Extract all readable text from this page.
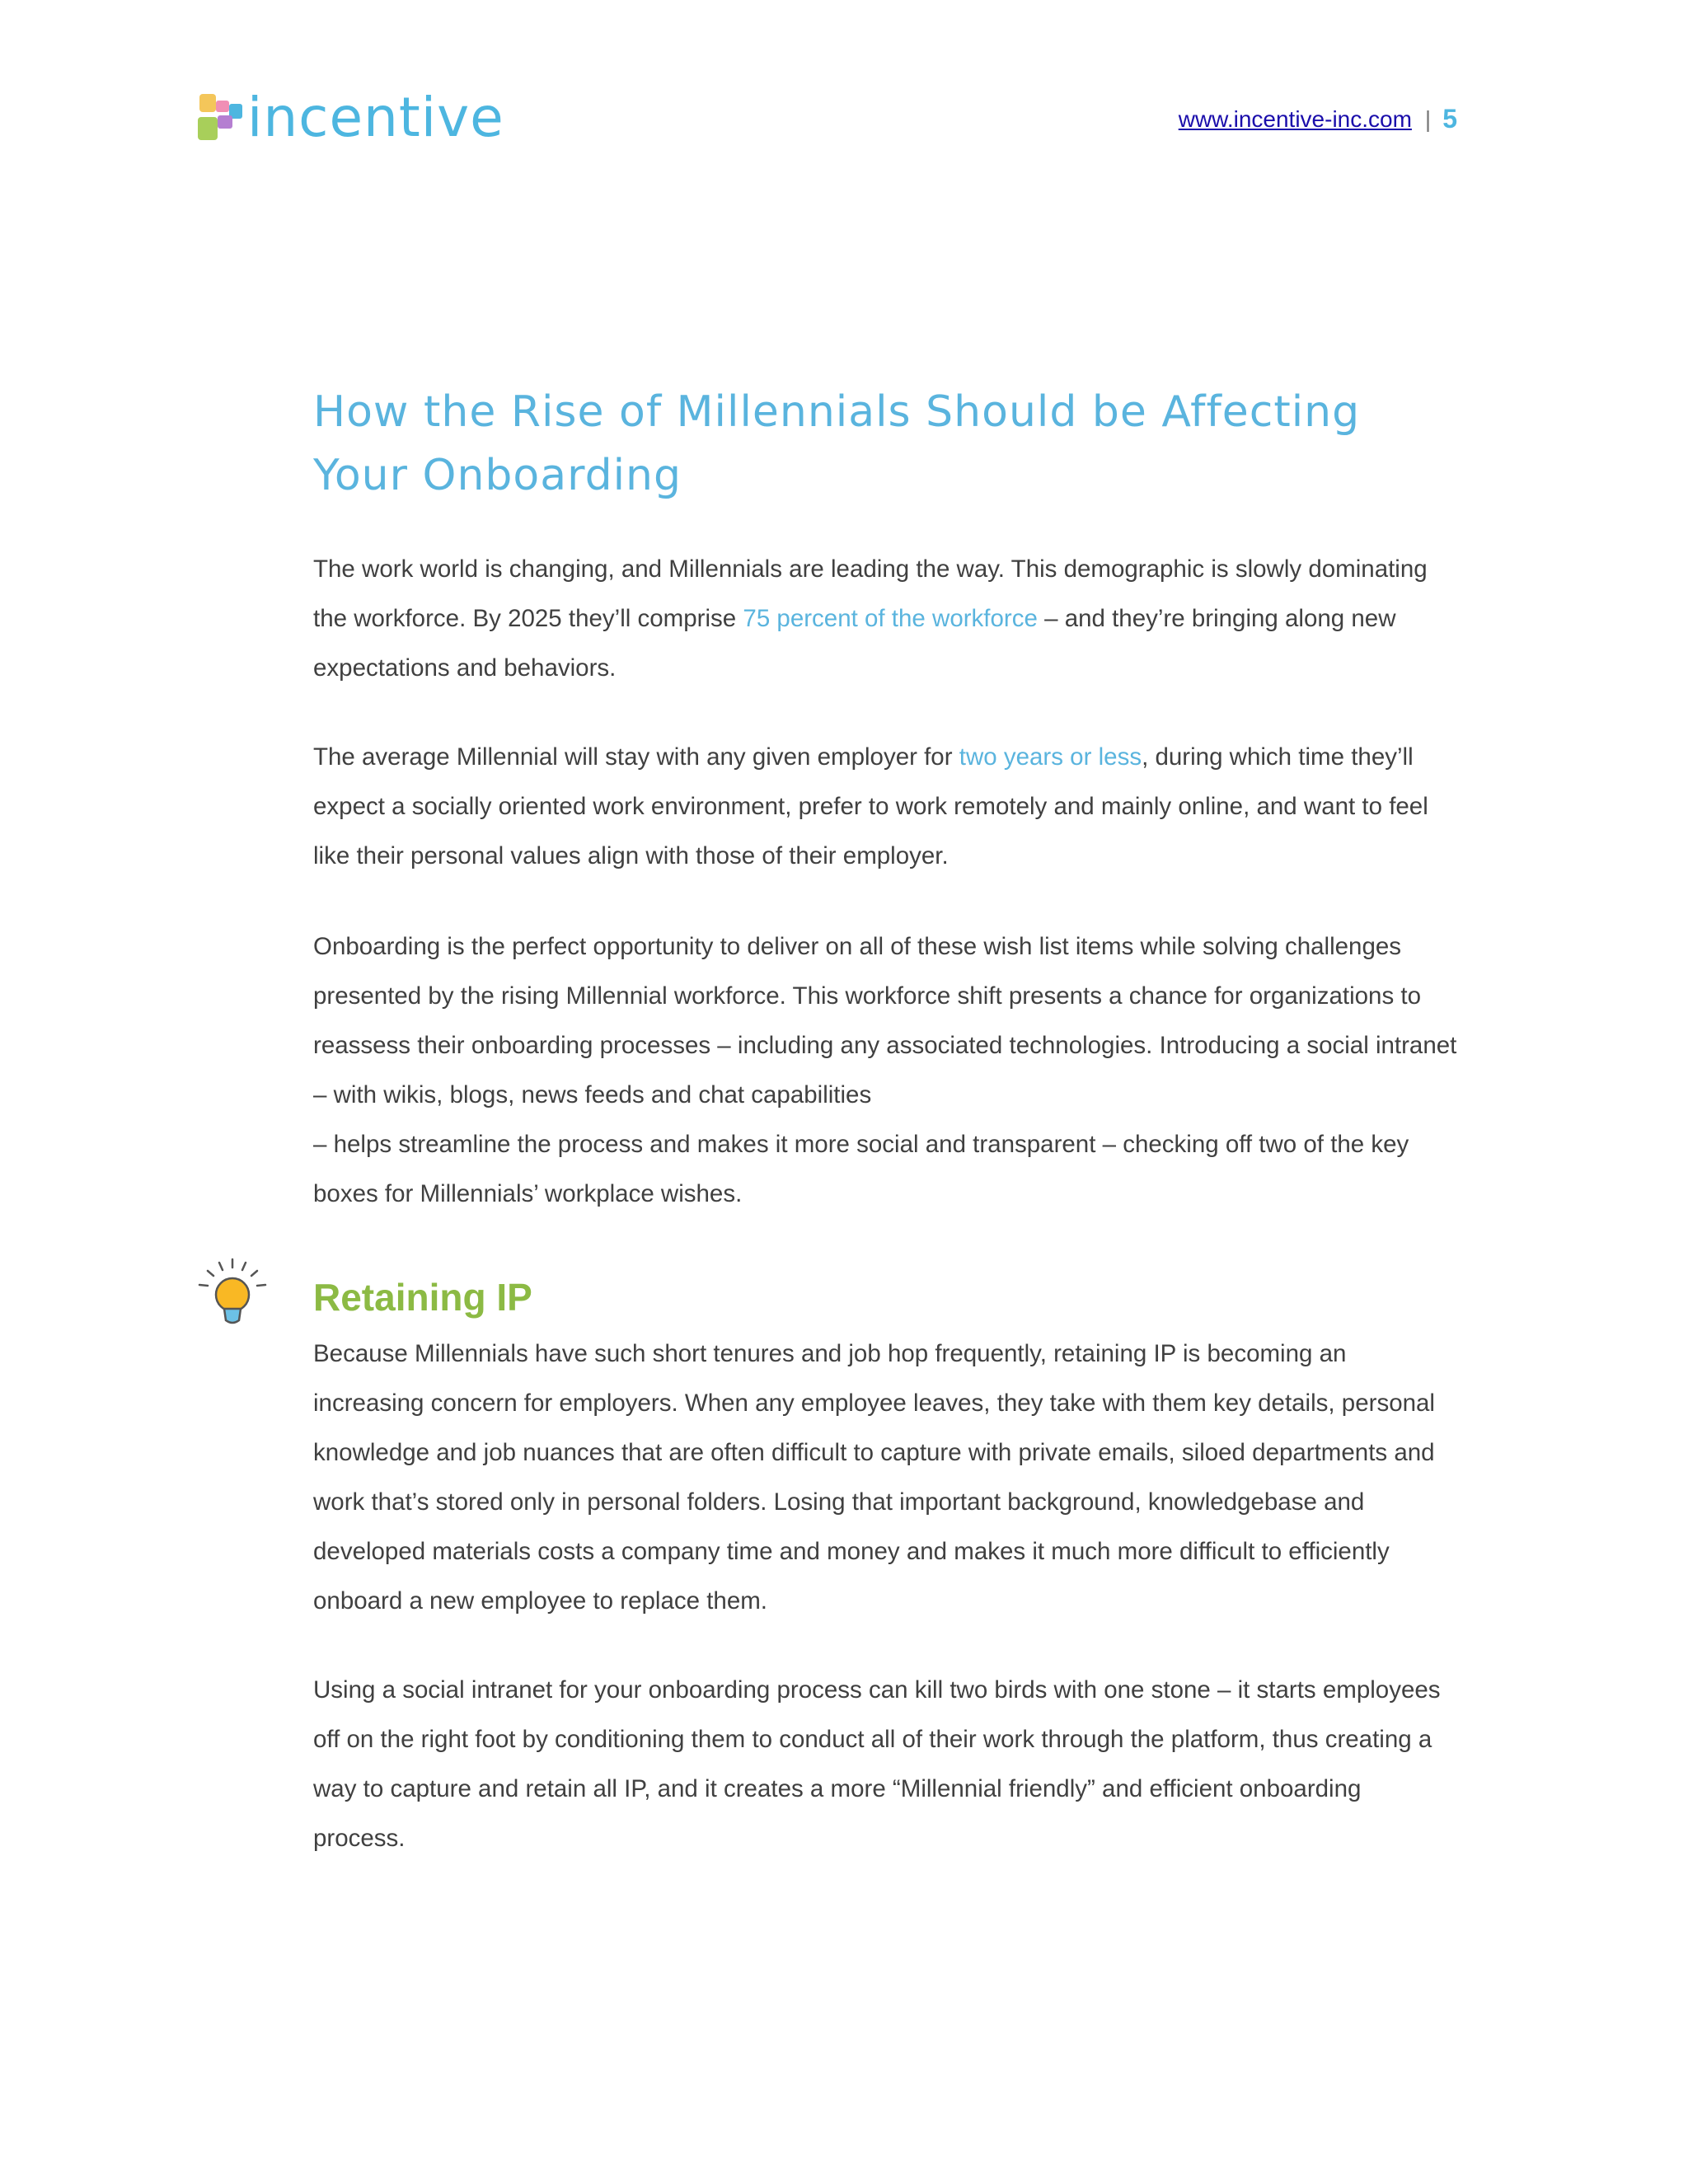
incentive	www.incentive-inc.com | 5
How the Rise of Millennials Should be Affecting
Your Onboarding

The work world is changing, and Millennials are leading the way. This demographic is slowly dominating the workforce. By 2025 they’ll comprise 75 percent of the workforce – and they’re bringing along new expectations and behaviors.

The average Millennial will stay with any given employer for two years or less, during which time they’ll expect a socially oriented work environment, prefer to work remotely and mainly online, and want to feel like their personal values align with those of their employer.

Onboarding is the perfect opportunity to deliver on all of these wish list items while solving challenges presented by the rising Millennial workforce. This workforce shift presents a chance for organizations to reassess their onboarding processes – including any associated technologies. Introducing a social intranet – with wikis, blogs, news feeds and chat capabilities
– helps streamline the process and makes it more social and transparent – checking off two of the key boxes for Millennials’ workplace wishes.

Retaining IP

Because Millennials have such short tenures and job hop frequently, retaining IP is becoming an increasing concern for employers. When any employee leaves, they take with them key details, personal knowledge and job nuances that are often difficult to capture with private emails, siloed departments and work that’s stored only in personal folders. Losing that important background, knowledgebase and developed materials costs a company time and money and makes it much more difficult to efficiently onboard a new employee to replace them.

Using a social intranet for your onboarding process can kill two birds with one stone – it starts employees off on the right foot by conditioning them to conduct all of their work through the platform, thus creating a way to capture and retain all IP, and it creates a more “Millennial friendly” and efficient onboarding process.
